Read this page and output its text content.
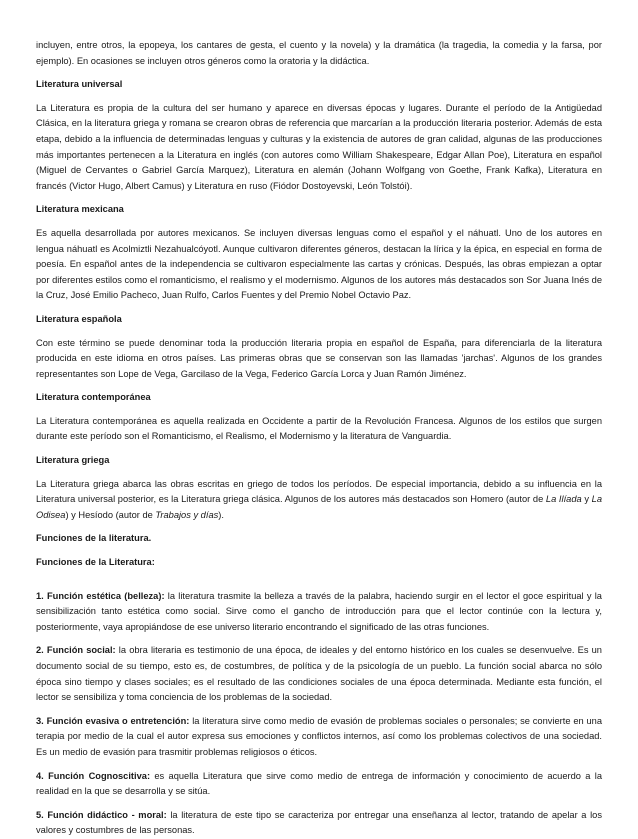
incluyen, entre otros, la epopeya, los cantares de gesta, el cuento y la novela) y la dramática (la tragedia, la comedia y la farsa, por ejemplo). En ocasiones se incluyen otros géneros como la oratoria y la didáctica.

Literatura universal

La Literatura es propia de la cultura del ser humano y aparece en diversas épocas y lugares. Durante el período de la Antigüedad Clásica, en la literatura griega y romana se crearon obras de referencia que marcarían a la producción literaria posterior. Además de esta etapa, debido a la influencia de determinadas lenguas y culturas y la existencia de autores de gran calidad, algunas de las producciones más importantes pertenecen a la Literatura en inglés (con autores como William Shakespeare, Edgar Allan Poe), Literatura en español (Miguel de Cervantes o Gabriel García Marquez), Literatura en alemán (Johann Wolfgang von Goethe, Frank Kafka), Literatura en francés (Victor Hugo, Albert Camus) y Literatura en ruso (Fiódor Dostoyevski, León Tolstói).

Literatura mexicana

Es aquella desarrollada por autores mexicanos. Se incluyen diversas lenguas como el español y el náhuatl. Uno de los autores en lengua náhuatl es Acolmiztli Nezahualcóyotl. Aunque cultivaron diferentes géneros, destacan la lírica y la épica, en especial en forma de poesía. En español antes de la independencia se cultivaron especialmente las cartas y crónicas. Después, las obras empiezan a optar por diferentes estilos como el romanticismo, el realismo y el modernismo. Algunos de los autores más destacados son Sor Juana Inés de la Cruz, José Emilio Pacheco, Juan Rulfo, Carlos Fuentes y del Premio Nobel Octavio Paz.

Literatura española

Con este término se puede denominar toda la producción literaria propia en español de España, para diferenciarla de la literatura producida en este idioma en otros países. Las primeras obras que se conservan son las llamadas 'jarchas'. Algunos de los grandes representantes son Lope de Vega, Garcilaso de la Vega, Federico García Lorca y Juan Ramón Jiménez.

Literatura contemporánea

La Literatura contemporánea es aquella realizada en Occidente a partir de la Revolución Francesa. Algunos de los estilos que surgen durante este período son el Romanticismo, el Realismo, el Modernismo y la literatura de Vanguardia.

Literatura griega

La Literatura griega abarca las obras escritas en griego de todos los períodos. De especial importancia, debido a su influencia en la Literatura universal posterior, es la Literatura griega clásica. Algunos de los autores más destacados son Homero (autor de La Ilíada y La Odisea) y Hesíodo (autor de Trabajos y días).

Funciones de la literatura.
Funciones de la Literatura:

1. Función estética (belleza): la literatura trasmite la belleza a través de la palabra, haciendo surgir en el lector el goce espiritual y la sensibilización tanto estética como social. Sirve como el gancho de introducción para que el lector continúe con la lectura y, posteriormente, vaya apropiándose de ese universo literario encontrando el significado de las otras funciones.

2. Función social: la obra literaria es testimonio de una época, de ideales y del entorno histórico en los cuales se desenvuelve. Es un documento social de su tiempo, esto es, de costumbres, de política y de la psicología de un pueblo. La función social abarca no sólo época sino tiempo y clases sociales; es el resultado de las condiciones sociales de una época determinada. Mediante esta función, el lector se sensibiliza y toma conciencia de los problemas de la sociedad.

3. Función evasiva o entretención: la literatura sirve como medio de evasión de problemas sociales o personales; se convierte en una terapia por medio de la cual el autor expresa sus emociones y conflictos internos, así como los problemas colectivos de una sociedad. Es un medio de evasión para trasmitir problemas religiosos o éticos.

4. Función Cognoscitiva: es aquella Literatura que sirve como medio de entrega de información y conocimiento de acuerdo a la realidad en la que se desarrolla y se sitúa.

5. Función didáctico - moral: la literatura de este tipo se caracteriza por entregar una enseñanza al lector, tratando de apelar a los valores y costumbres de las personas.
